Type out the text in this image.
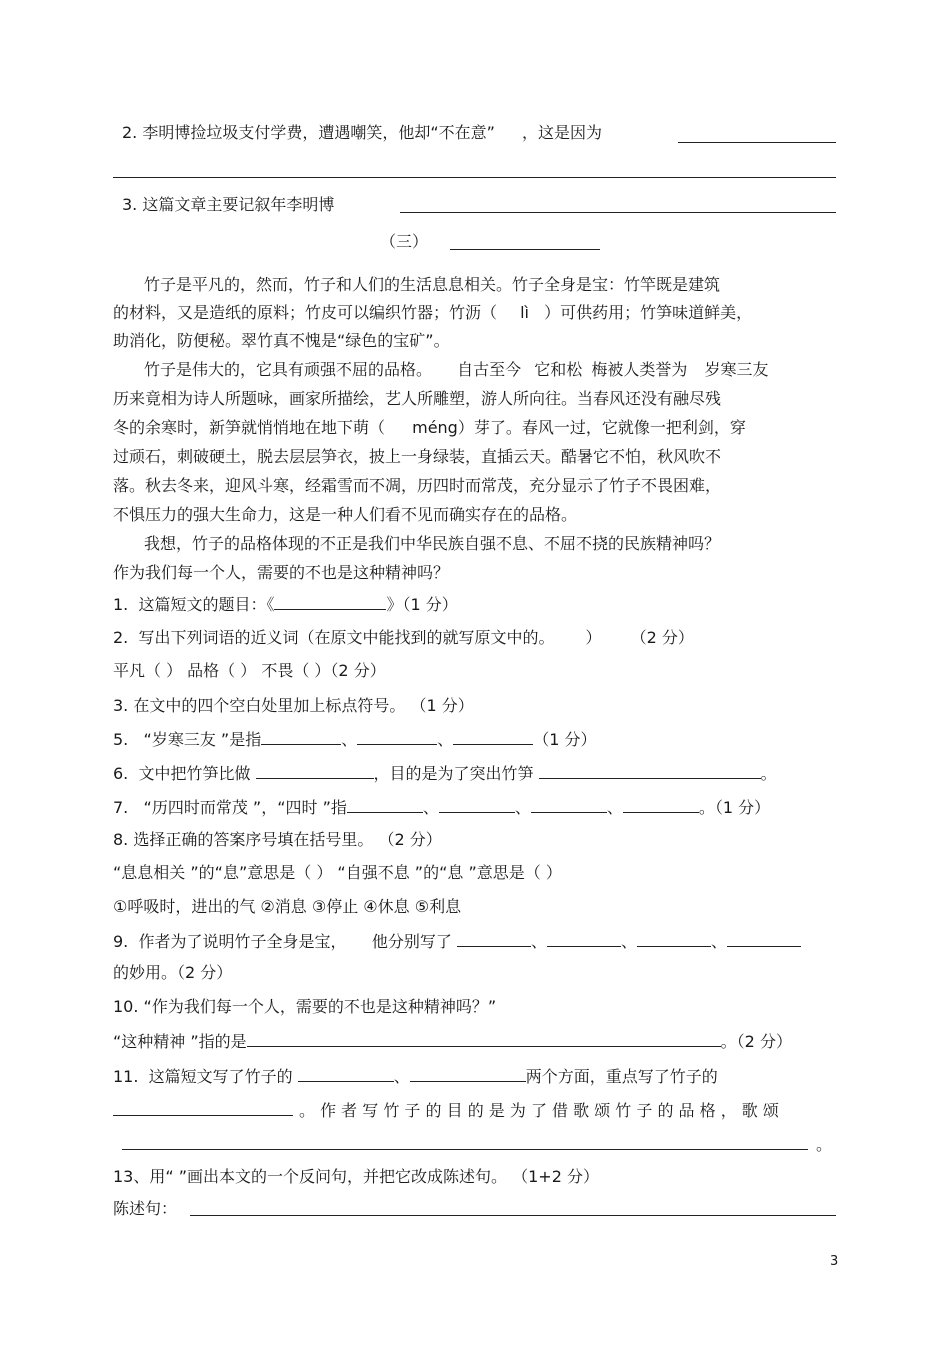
2. 李明博捡垃圾支付学费，遭遇嘲笑，他却“不在意” ，这是因为
3. 这篇文章主要记叙年李明博
（三）
竹子是平凡的，然而，竹子和人们的生活息息相关。竹子全身是宝：竹竿既是建筑
的材料，又是造纸的原料；竹皮可以编织竹器；竹沥（ lì ）可供药用；竹笋味道鲜美，
助消化，防便秘。翠竹真不愧是“绿色的宝矿”。
竹子是伟大的，它具有顽强不屈的品格。 自古至今 它和松 梅被人类誉为 岁寒三友
历来竟相为诗人所题咏，画家所描绘，艺人所雕塑，游人所向往。当春风还没有融尽残
冬的余寒时，新笋就悄悄地在地下萌（ méng）芽了。春风一过，它就像一把利剑，穿
过顽石，刺破硬土，脱去层层笋衣，披上一身绿装，直插云天。酷暑它不怕，秋风吹不
落。秋去冬来，迎风斗寒，经霜雪而不凋，历四时而常茂，充分显示了竹子不畏困难，
不惧压力的强大生命力，这是一种人们看不见而确实存在的品格。
我想，竹子的品格体现的不正是我们中华民族自强不息、不屈不挠的民族精神吗？
作为我们每一个人，需要的不也是这种精神吗？
1.  这篇短文的题目：《	》（1 分）
2.  写出下列词语的近义词（在原文中能找到的就写原文中的。 ） （2 分）
平凡（ ） 品格（ ） 不畏（ ）（2 分）
3. 在文中的四个空白处里加上标点符号。 （1 分）
5.   “岁寒三友 ”是指	、	、	（1 分）
6.  文中把竹笋比做	，目的是为了突出竹笋	。
7.   “历四时而常茂 ”，“四时 ”指	、	、	、	。（1 分）
8. 选择正确的答案序号填在括号里。 （2 分）
“息息相关 ”的“息”意思是（ ） “自强不息 ”的“息 ”意思是（ ）
①呼吸时，进出的气 ②消息 ③停止 ④休息 ⑤利息
9.  作者为了说明竹子全身是宝，     他分别写了	、	、	、
的妙用。（2 分）
10. “作为我们每一个人，需要的不也是这种精神吗？”
“这种精神 ”指的是	。（2 分）
11.  这篇短文写了竹子的	、	两个方面，重点写了竹子的
。 作 者 写 竹 子 的 目 的 是 为 了 借 歌 颂 竹 子 的 品 格 ， 歌 颂
。
13、用“ ”画出本文的一个反问句，并把它改成陈述句。 （1+2 分）
陈述句：
3
